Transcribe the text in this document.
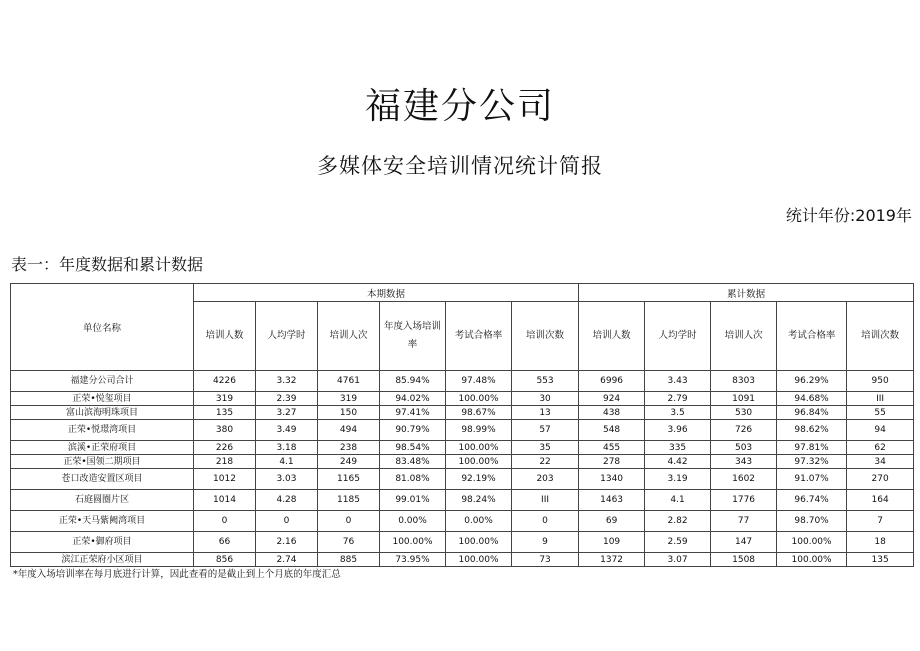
福建分公司
多媒体安全培训情况统计简报
统计年份:2019年
表一：年度数据和累计数据
单位名称	本期数据						累计数据				
	培训人数	人均学时	培训人次	年度入场培训率	考试合格率	培训次数	培训人数	人均学时	培训人次	考试合格率	培训次数
福建分公司合计	4226	3.32	4761	85.94%	97.48%	553	6996	3.43	8303	96.29%	950
正荣•悦玺项目	319	2.39	319	94.02%	100.00%	30	924	2.79	1091	94.68%	III
富山滨海明珠项目	135	3.27	150	97.41%	98.67%	13	438	3.5	530	96.84%	55
正荣•悦璟湾项目	380	3.49	494	90.79%	98.99%	57	548	3.96	726	98.62%	94
滨溪•正荣府项目	226	3.18	238	98.54%	100.00%	35	455	335	503	97.81%	62
正荣•国领二期项目	218	4.1	249	83.48%	100.00%	22	278	4.42	343	97.32%	34
苍口改造安置区项目	1012	3.03	1165	81.08%	92.19%	203	1340	3.19	1602	91.07%	270
石庭圆圈片区	1014	4.28	1185	99.01%	98.24%	III	1463	4.1	1776	96.74%	164
正荣•天马紫阙湾项目	0	0	0	0.00%	0.00%	0	69	2.82	77	98.70%	7
正荣•御府项目	66	2.16	76	100.00%	100.00%	9	109	2.59	147	100.00%	18
滨江正荣府小区项目	856	2.74	885	73.95%	100.00%	73	1372	3.07	1508	100.00%	135
*年度入场培训率在每月底进行计算，因此查看的是截止到上个月底的年度汇总
